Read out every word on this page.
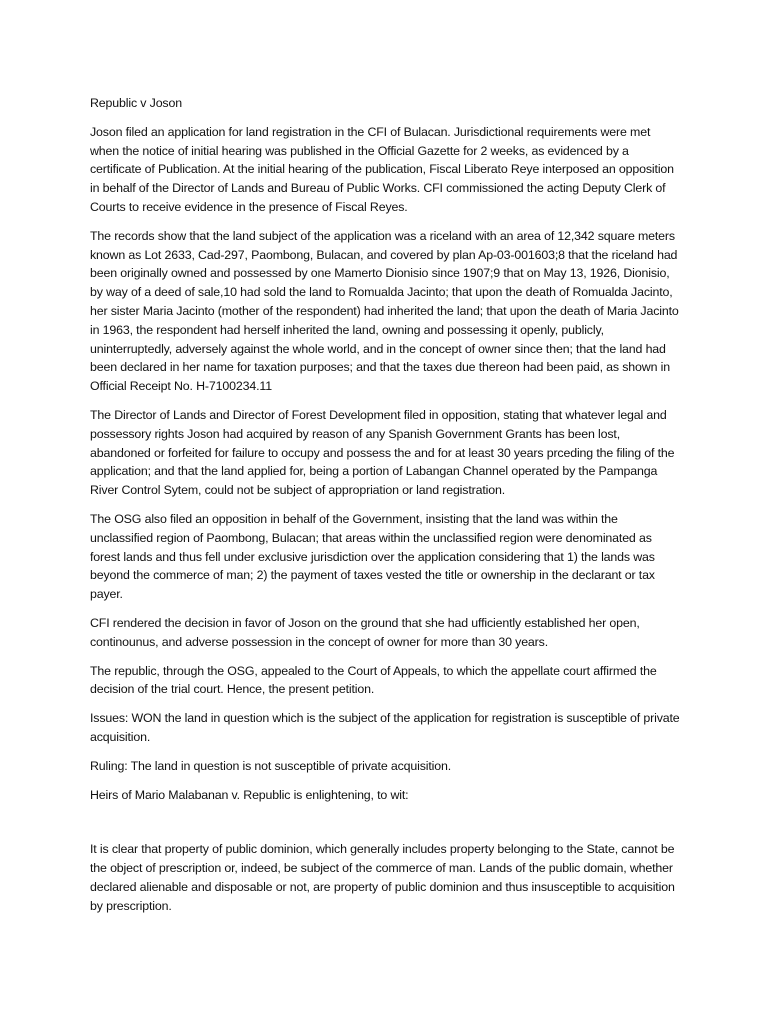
Republic v Joson

Joson filed an application for land registration in the CFI of Bulacan. Jurisdictional requirements were met when the notice of initial hearing was published in the Official Gazette for 2 weeks, as evidenced by a certificate of Publication. At the initial hearing of the publication, Fiscal Liberato Reye interposed an opposition in behalf of the Director of Lands and Bureau of Public Works. CFI commissioned the acting Deputy Clerk of Courts to receive evidence in the presence of Fiscal Reyes.

The records show that the land subject of the application was a riceland with an area of 12,342 square meters known as Lot 2633, Cad-297, Paombong, Bulacan, and covered by plan Ap-03-001603;8 that the riceland had been originally owned and possessed by one Mamerto Dionisio since 1907;9 that on May 13, 1926, Dionisio, by way of a deed of sale,10 had sold the land to Romualda Jacinto; that upon the death of Romualda Jacinto, her sister Maria Jacinto (mother of the respondent) had inherited the land; that upon the death of Maria Jacinto in 1963, the respondent had herself inherited the land, owning and possessing it openly, publicly, uninterruptedly, adversely against the whole world, and in the concept of owner since then; that the land had been declared in her name for taxation purposes; and that the taxes due thereon had been paid, as shown in Official Receipt No. H-7100234.11

The Director of Lands and Director of Forest Development filed in opposition, stating that whatever legal and possessory rights Joson had acquired by reason of any Spanish Government Grants has been lost, abandoned or forfeited for failure to occupy and possess the and for at least 30 years prceding the filing of the application; and that the land applied for, being a portion of Labangan Channel operated by the Pampanga River Control Sytem, could not be subject of appropriation or land registration.

The OSG also filed an opposition in behalf of the Government, insisting that the land was within the unclassified region of Paombong, Bulacan; that areas within the unclassified region were denominated as forest lands and thus fell under exclusive jurisdiction over the application considering that 1) the lands was beyond the commerce of man; 2) the payment of taxes vested the title or ownership in the declarant or tax payer.

CFI rendered the decision in favor of Joson on the ground that she had ufficiently established her open, continounus, and adverse possession in the concept of owner for more than 30 years.

The republic, through the OSG, appealed to the Court of Appeals, to which the appellate court affirmed the decision of the trial court. Hence, the present petition.

Issues: WON the land in question which is the subject of the application for registration is susceptible of private acquisition.

Ruling: The land in question is not susceptible of private acquisition.

Heirs of Mario Malabanan v. Republic is enlightening, to wit:

It is clear that property of public dominion, which generally includes property belonging to the State, cannot be the object of prescription or, indeed, be subject of the commerce of man. Lands of the public domain, whether declared alienable and disposable or not, are property of public dominion and thus insusceptible to acquisition by prescription.
